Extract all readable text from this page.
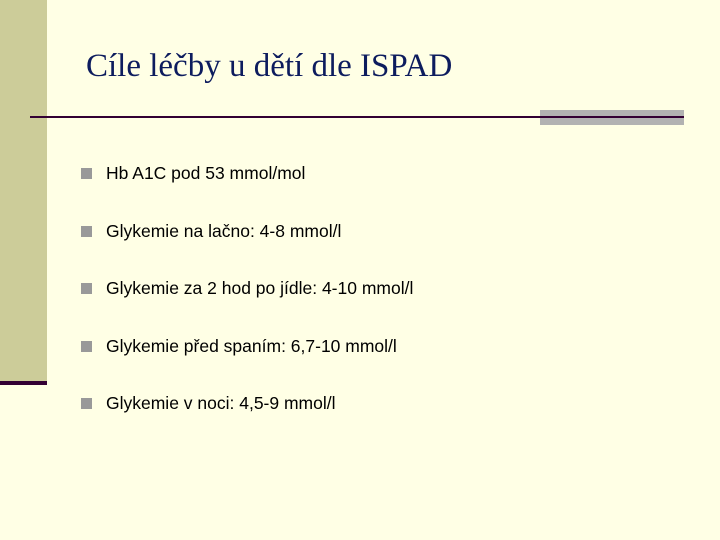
Cíle léčby u dětí dle ISPAD
Hb A1C pod 53 mmol/mol
Glykemie na lačno: 4-8 mmol/l
Glykemie za 2 hod po jídle: 4-10 mmol/l
Glykemie před spaním: 6,7-10 mmol/l
Glykemie v noci: 4,5-9 mmol/l
